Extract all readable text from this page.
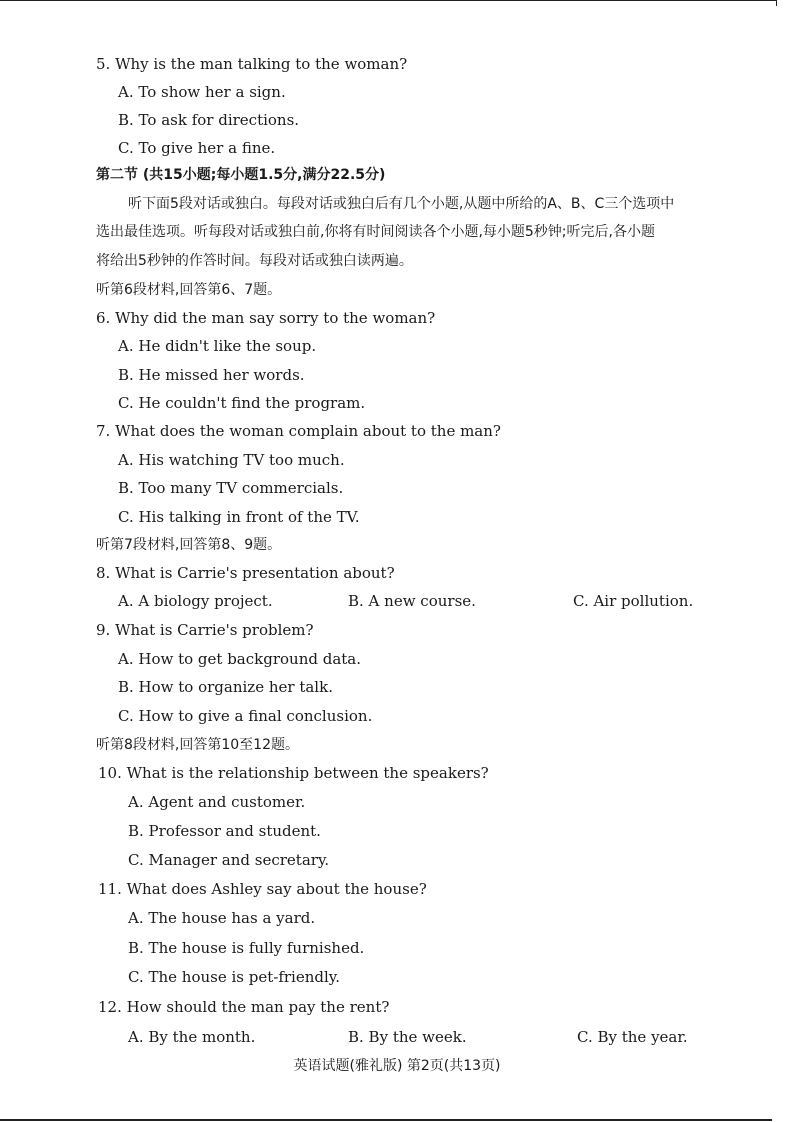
5. Why is the man talking to the woman?
A. To show her a sign.
B. To ask for directions.
C. To give her a fine.
第二节 (共15小题;每小题1.5分,满分22.5分)
听下面5段对话或独白。每段对话或独白后有几个小题,从题中所给的A、B、C三个选项中
选出最佳选项。听每段对话或独白前,你将有时间阅读各个小题,每小题5秒钟;听完后,各小题
将给出5秒钟的作答时间。每段对话或独白读两遍。
听第6段材料,回答第6、7题。
6. Why did the man say sorry to the woman?
A. He didn't like the soup.
B. He missed her words.
C. He couldn't find the program.
7. What does the woman complain about to the man?
A. His watching TV too much.
B. Too many TV commercials.
C. His talking in front of the TV.
听第7段材料,回答第8、9题。
8. What is Carrie's presentation about?
A. A biology project.	B. A new course.	C. Air pollution.
9. What is Carrie's problem?
A. How to get background data.
B. How to organize her talk.
C. How to give a final conclusion.
听第8段材料,回答第10至12题。
10. What is the relationship between the speakers?
A. Agent and customer.
B. Professor and student.
C. Manager and secretary.
11. What does Ashley say about the house?
A. The house has a yard.
B. The house is fully furnished.
C. The house is pet-friendly.
12. How should the man pay the rent?
A. By the month.	B. By the week.	C. By the year.
英语试题(雅礼版) 第2页(共13页)
